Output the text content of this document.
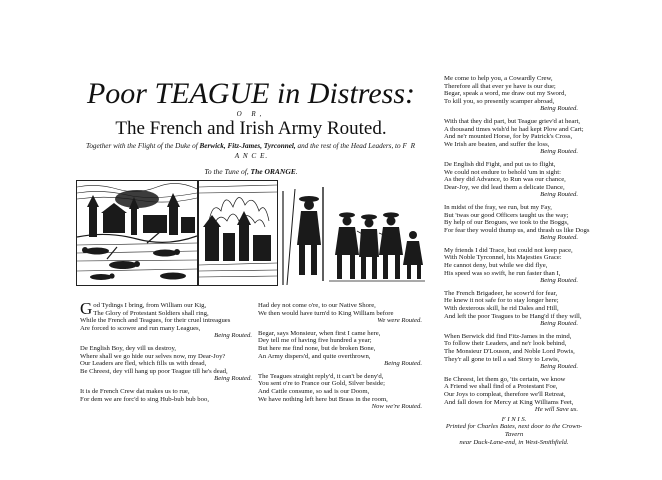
Poor TEAGUE in Distress:
O R,
The French and Irish Army Routed.
Together with the Flight of the Duke of Berwick, Fitz-James, Tyrconnel, and the rest of the Head Leaders, to F R A N C E.
To the Tune of, The ORANGE.
G od Tydings I bring, from William our Kig,
The Glory of Protestant Soldiers shall ring,
While the French and Teagues, for their cruel intreagues
Are forced to scowre and run many Leagues,
Being Routed.
De English Boy, dey vill us destroy,
Where shall we go hide our selves now, my Dear-Joy?
Our Leaders are fled, which fills us with dread,
Be Chreest, dey vill hang up poor Teague till he's dead,
Being Routed.
It is de French Crew dat makes us to rue,
For dem we are forc'd to sing Hub-bub bub boo,
Had dey not come o're, to our Native Shore,
We then would have turn'd to King William before
We were Routed.
Begar, says Monsieur, when first I came here,
Dey tell me of having five hundred a year;
But here me find none, but de broken Bone,
An Army dispers'd, and quite overthrown,
Being Routed.
The Teagues straight reply'd, it can't be deny'd,
You sent o're to France our Gold, Silver beside;
And Cattle consume, so sad is our Doom,
We have nothing left here but Brass in the room,
Now we're Routed.
Me come to help you, a Cowardly Crew,
Therefore all that ever ye have is our due;
Begar, speak a word, me draw out my Sword,
To kill you, so presently scamper abroad,
Being Routed.
With that they did part, but Teague griev'd at heart,
A thousand times wish'd he had kept Plow and Cart;
And ne'r mounted Horse, for by Patrick's Cross,
We Irish are beaten, and suffer the loss,
Being Routed.
De English did Fight, and put us to flight,
We could not endure to behold 'um in sight:
As they did Advance, to Run was our chance,
Dear-Joy, we did lead them a delicate Dance,
Being Routed.
In midst of the fray, we run, but my Fay,
But 'twas our good Officers taught us the way;
By help of our Brogues, we took to the Boggs,
For fear they would thump us, and thrash us like Dogs
Being Routed.
My friends I did Trace, but could not keep pace,
With Noble Tyrconnel, his Majesties Grace:
He cannot deny, but while we did flye,
His speed was so swift, he run faster than I,
Being Routed.
The French Brigadeer, he scowr'd for fear,
He knew it not safe for to stay longer here;
With dexterous skill, he rid Dales and Hill,
And left the poor Teagues to be Hang'd if they will,
Being Routed.
When Berwick did find Fitz-James in the mind,
To follow their Leaders, and ne'r look behind,
The Monsieur D'Louson, and Noble Lord Powis,
They'r all gone to tell a sad Story to Lewis,
Being Routed.
Be Chreest, let them go, 'tis certain, we know
A Friend we shall find of a Protestant Foe,
Our Joys to compleat, therefore we'll Retreat,
And fall down for Mercy at King Williams Feet,
He will Save us.
F I N I S.
Printed for Charles Bates, next door to the Crown-Tavern
near Duck-Lane-end, in West-Smithfield.
